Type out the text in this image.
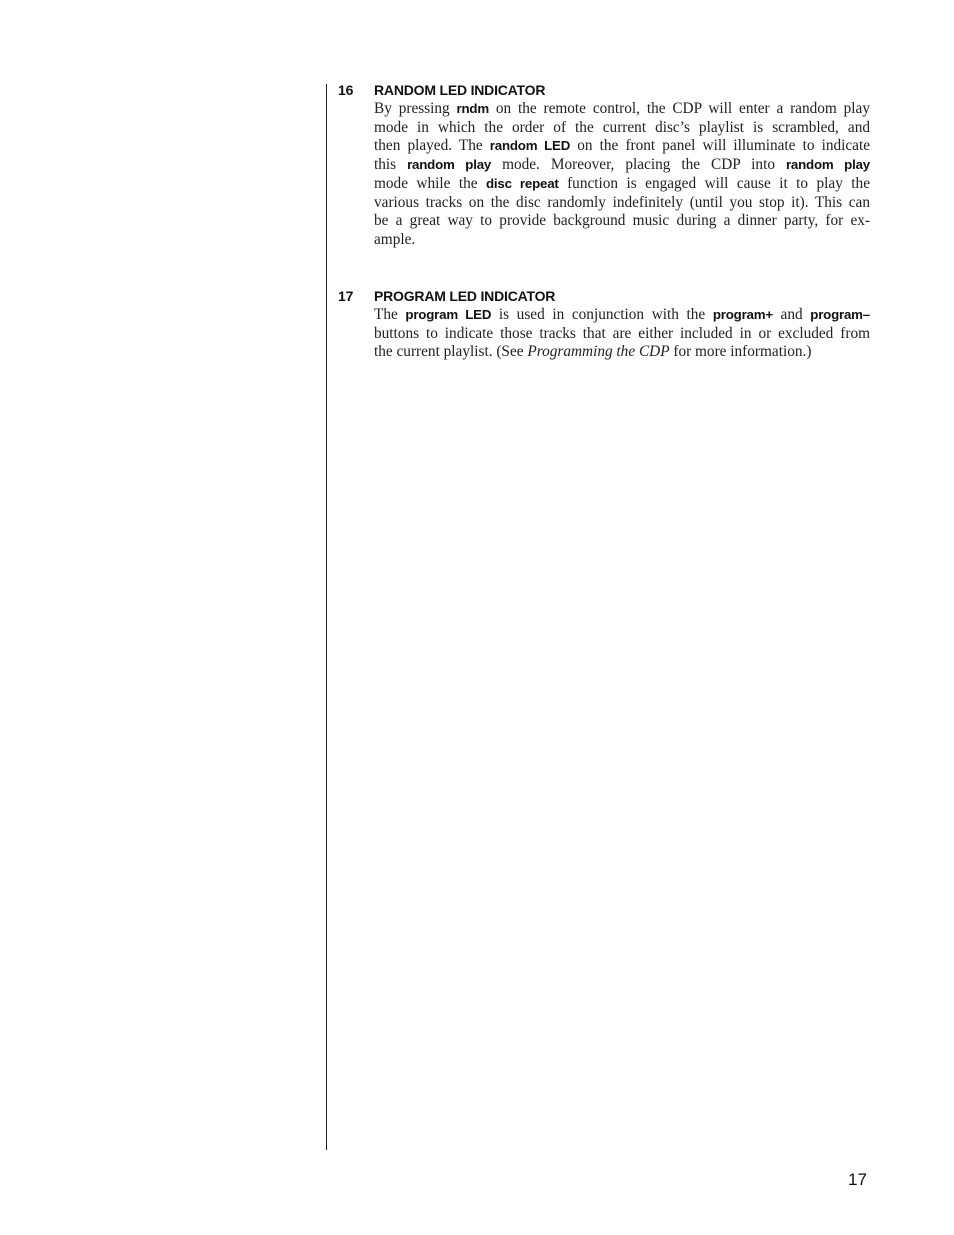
16 RANDOM LED INDICATOR
By pressing rndm on the remote control, the CDP will enter a random play
mode in which the order of the current disc’s playlist is scrambled, and
then played. The random LED on the front panel will illuminate to indicate
this random play mode. Moreover, placing the CDP into random play
mode while the disc repeat function is engaged will cause it to play the
various tracks on the disc randomly indefinitely (until you stop it). This can
be a great way to provide background music during a dinner party, for ex-
ample.
17 PROGRAM LED INDICATOR
The program LED is used in conjunction with the program+ and program–
buttons to indicate those tracks that are either included in or excluded from
the current playlist. (See Programming the CDP for more information.)
17
